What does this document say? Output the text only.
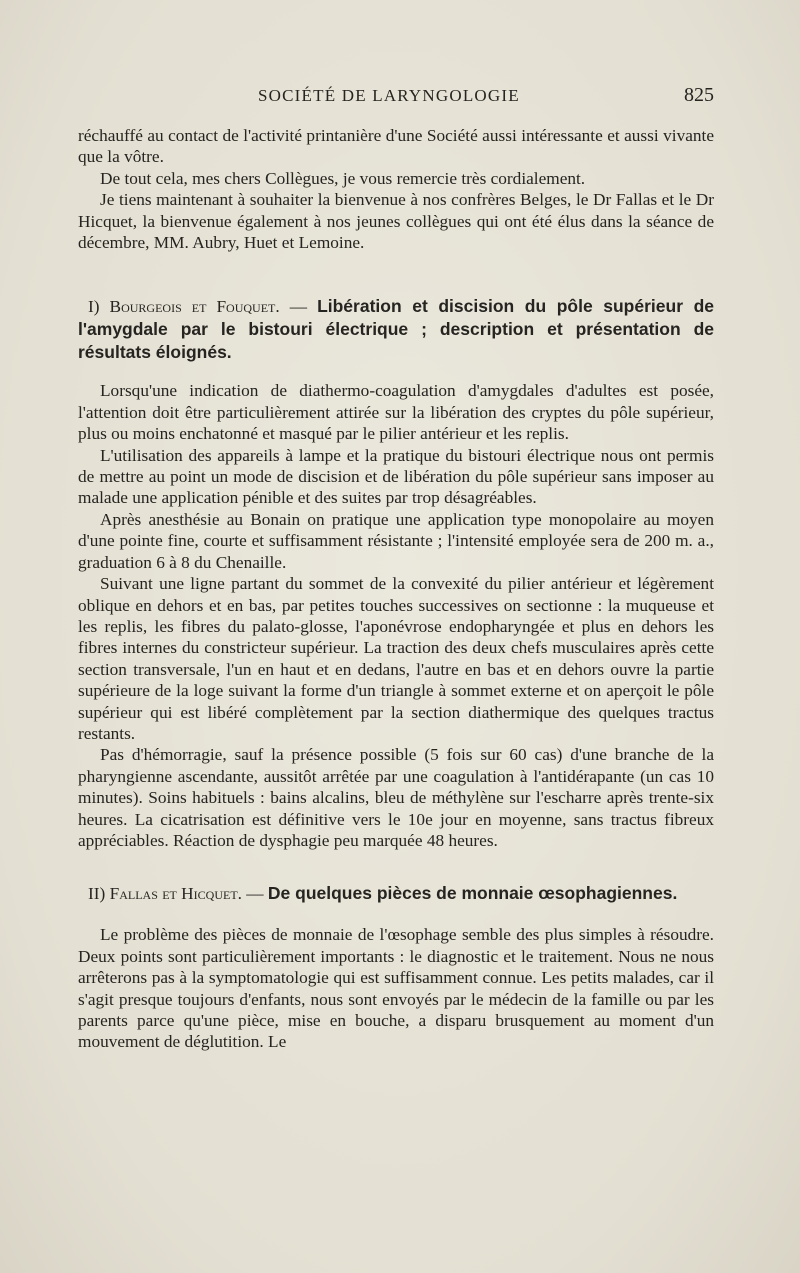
SOCIÉTÉ DE LARYNGOLOGIE	825

réchauffé au contact de l'activité printanière d'une Société aussi intéressante et aussi vivante que la vôtre.

De tout cela, mes chers Collègues, je vous remercie très cordialement.

Je tiens maintenant à souhaiter la bienvenue à nos confrères Belges, le Dr Fallas et le Dr Hicquet, la bienvenue également à nos jeunes collègues qui ont été élus dans la séance de décembre, MM. Aubry, Huet et Lemoine.

I) Bourgeois et Fouquet. — Libération et discision du pôle supérieur de l'amygdale par le bistouri électrique ; description et présentation de résultats éloignés.

Lorsqu'une indication de diathermo-coagulation d'amygdales d'adultes est posée, l'attention doit être particulièrement attirée sur la libération des cryptes du pôle supérieur, plus ou moins enchatonné et masqué par le pilier antérieur et les replis.

L'utilisation des appareils à lampe et la pratique du bistouri électrique nous ont permis de mettre au point un mode de discision et de libération du pôle supérieur sans imposer au malade une application pénible et des suites par trop désagréables.

Après anesthésie au Bonain on pratique une application type monopolaire au moyen d'une pointe fine, courte et suffisamment résistante ; l'intensité employée sera de 200 m. a., graduation 6 à 8 du Chenaille.

Suivant une ligne partant du sommet de la convexité du pilier antérieur et légèrement oblique en dehors et en bas, par petites touches successives on sectionne : la muqueuse et les replis, les fibres du palato-glosse, l'aponévrose endopharyngée et plus en dehors les fibres internes du constricteur supérieur. La traction des deux chefs musculaires après cette section transversale, l'un en haut et en dedans, l'autre en bas et en dehors ouvre la partie supérieure de la loge suivant la forme d'un triangle à sommet externe et on aperçoit le pôle supérieur qui est libéré complètement par la section diathermique des quelques tractus restants.

Pas d'hémorragie, sauf la présence possible (5 fois sur 60 cas) d'une branche de la pharyngienne ascendante, aussitôt arrêtée par une coagulation à l'antidérapante (un cas 10 minutes). Soins habituels : bains alcalins, bleu de méthylène sur l'escharre après trente-six heures. La cicatrisation est définitive vers le 10e jour en moyenne, sans tractus fibreux appréciables. Réaction de dysphagie peu marquée 48 heures.

II) Fallas et Hicquet. — De quelques pièces de monnaie œsophagiennes.

Le problème des pièces de monnaie de l'œsophage semble des plus simples à résoudre. Deux points sont particulièrement importants : le diagnostic et le traitement. Nous ne nous arrêterons pas à la symptomatologie qui est suffisamment connue. Les petits malades, car il s'agit presque toujours d'enfants, nous sont envoyés par le médecin de la famille ou par les parents parce qu'une pièce, mise en bouche, a disparu brusquement au moment d'un mouvement de déglutition. Le
